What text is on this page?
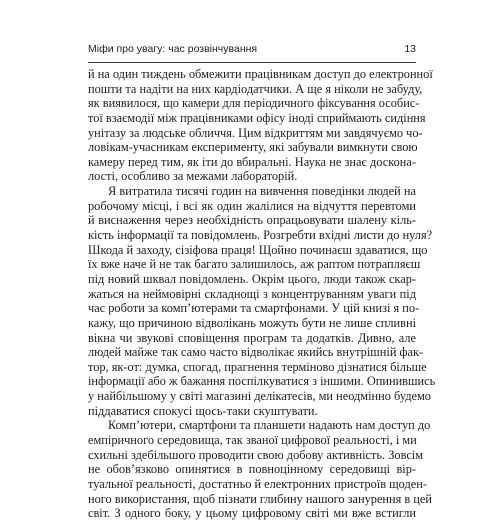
Міфи про увагу: час розвінчування	13
й на один тиждень обмежити працівникам доступ до електронної
пошти та надіти на них кардіодатчики. А ще я ніколи не забуду,
як виявилося, що камери для періодичного фіксування особис-
тої взаємодії між працівниками офісу іноді сприймають сидіння
унітазу за людське обличчя. Цим відкриттям ми завдячуємо чо-
ловікам-учасникам експерименту, які забували вимкнути свою
камеру перед тим, як іти до вбиральні. Наука не знає доскона-
лості, особливо за межами лабораторій.
Я витратила тисячі годин на вивчення поведінки людей на
робочому місці, і всі як один жалілися на відчуття перевтоми
й виснаження через необхідність опрацьовувати шалену кіль-
кість інформації та повідомлень. Розгребти вхідні листи до нуля?
Шкода й заходу, сізіфова праця! Щойно починаєш здаватися, що
їх вже наче й не так багато залишилось, аж раптом потрапляєш
під новий шквал повідомлень. Окрім цього, люди також скар-
жаться на неймовірні складнощі з концентруванням уваги під
час роботи за комп’ютерами та смартфонами. У цій книзі я по-
кажу, що причиною відволікань можуть бути не лише спливні
вікна чи звукові сповіщення програм та додатків. Дивно, але
людей майже так само часто відволікає якийсь внутрішній фак-
тор, як-от: думка, спогад, прагнення терміново дізнатися більше
інформації або ж бажання поспілкуватися з іншими. Опинившись
у найбільшому у світі магазині делікатесів, ми неодмінно будемо
піддаватися спокусі щось-таки скуштувати.
Комп’ютери, смартфони та планшети надають нам доступ до
емпіричного середовища, так званої цифрової реальності, і ми
схильні здебільшого проводити свою добову активність. Зовсім
не обов’язково опинятися в повноцінному середовищі вір-
туальної реальності, достатньо й електронних пристроїв щоден-
ного використання, щоб пізнати глибину нашого занурення в цей
світ. З одного боку, у цьому цифровому світі ми вже встигли
